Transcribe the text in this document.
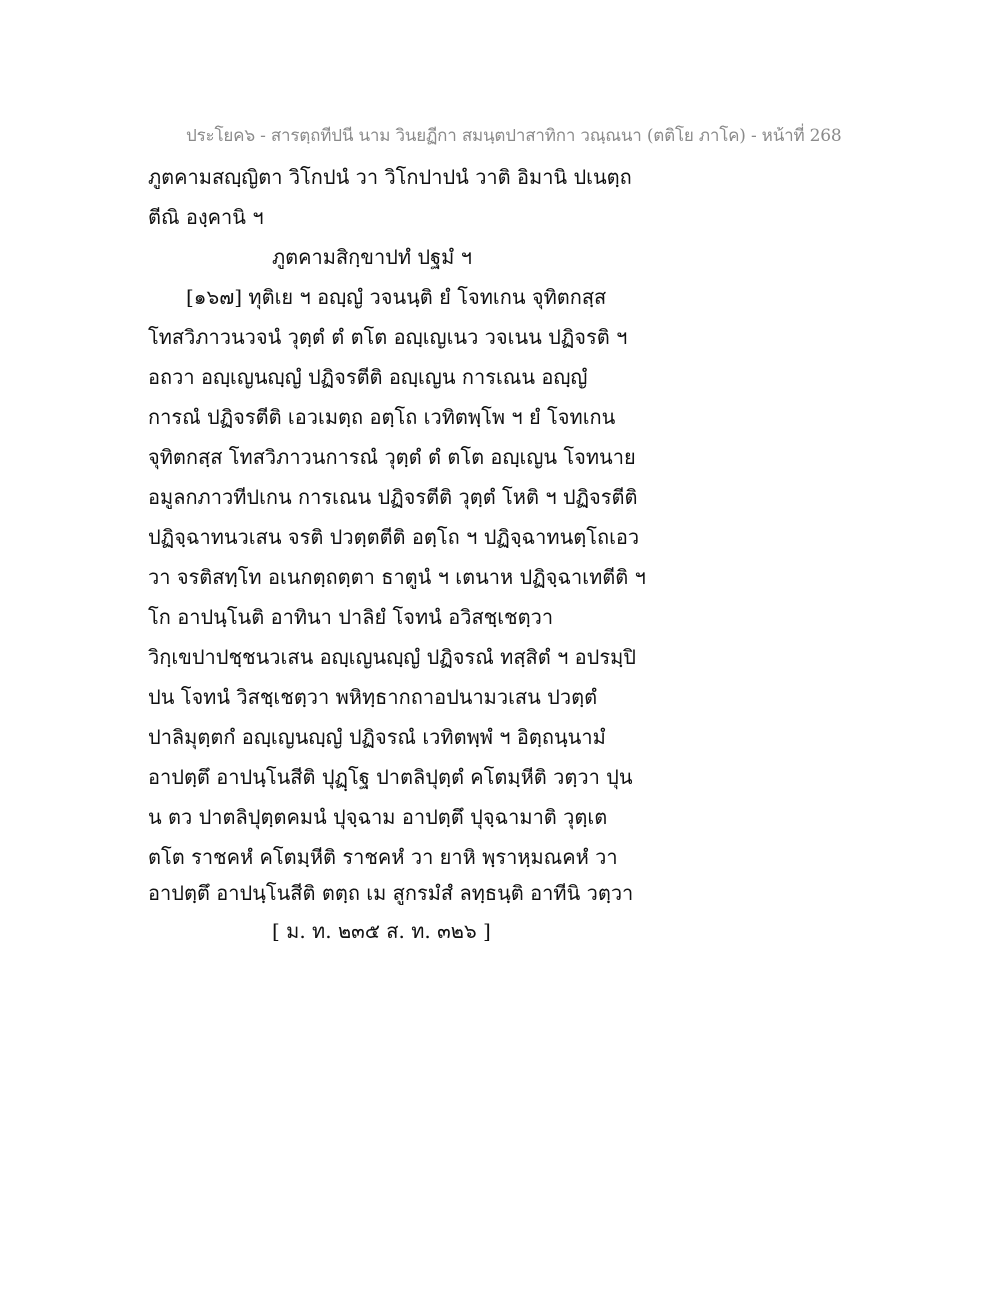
ประโยค๖ - สารตฺถทีปนี นาม วินยฏีกา สมนฺตปาสาทิกา วณฺณนา (ตติโย ภาโค) - หน้าที่ 268
ภูตคามสญฺญิตา วิโกปนํ วา วิโกปาปนํ วาติ อิมานิ ปเนตฺถ
ตีณิ องฺคานิ ฯ
ภูตคามสิกฺขาปทํ ปฐมํ ฯ
[๑๖๗] ทุติเย ฯ อญฺญํ วจนนฺติ ยํ โจทเกน จุทิตกสฺส
โทสวิภาวนวจนํ วุตฺตํ ตํ ตโต อญฺเญเนว วจเนน ปฏิจรติ ฯ
อถวา อญฺเญนญฺญํ ปฏิจรตีติ อญฺเญน การเณน อญฺญํ
การณํ ปฏิจรตีติ เอวเมตฺถ อตฺโถ เวทิตพฺโพ ฯ ยํ โจทเกน
จุทิตกสฺส โทสวิภาวนการณํ วุตฺตํ ตํ ตโต อญฺเญน โจทนาย
อมูลกภาวทีปเกน การเณน ปฏิจรตีติ วุตฺตํ โหติ ฯ ปฏิจรตีติ
ปฏิจฺฉาทนวเสน จรติ ปวตฺตตีติ อตฺโถ ฯ ปฏิจฺฉาทนตฺโถเอว
วา จรติสทฺโท อเนกตฺถตฺตา ธาตูนํ ฯ เตนาห ปฏิจฺฉาเทตีติ ฯ
โก อาปนฺโนติ อาทินา ปาลิยํ โจทนํ อวิสชฺเชตฺวา
วิกฺเขปาปชฺชนวเสน อญฺเญนญฺญํ ปฏิจรณํ ทสฺสิตํ ฯ อปรมฺปิ
ปน โจทนํ วิสชฺเชตฺวา พหิทฺธากถาอปนามวเสน ปวตฺตํ
ปาลิมุตฺตกํ อญฺเญนญฺญํ ปฏิจรณํ เวทิตพฺพํ ฯ อิตฺถนฺนามํ
อาปตฺตึ อาปนฺโนสีติ ปุฏฺโฐ ปาตลิปุตฺตํ คโตมฺหีติ วตฺวา ปุน
น ตว ปาตลิปุตฺตคมนํ ปุจฺฉาม อาปตฺตึ ปุจฺฉามาติ วุตฺเต
ตโต ราชคหํ คโตมฺหีติ ราชคหํ วา ยาหิ พฺราหฺมณคหํ วา
อาปตฺตึ อาปนฺโนสีติ ตตฺถ เม สูกรมํสํ ลทฺธนฺติ อาทีนิ วตฺวา
[ ม. ท. ๒๓๕ ส. ท. ๓๒๖ ]
